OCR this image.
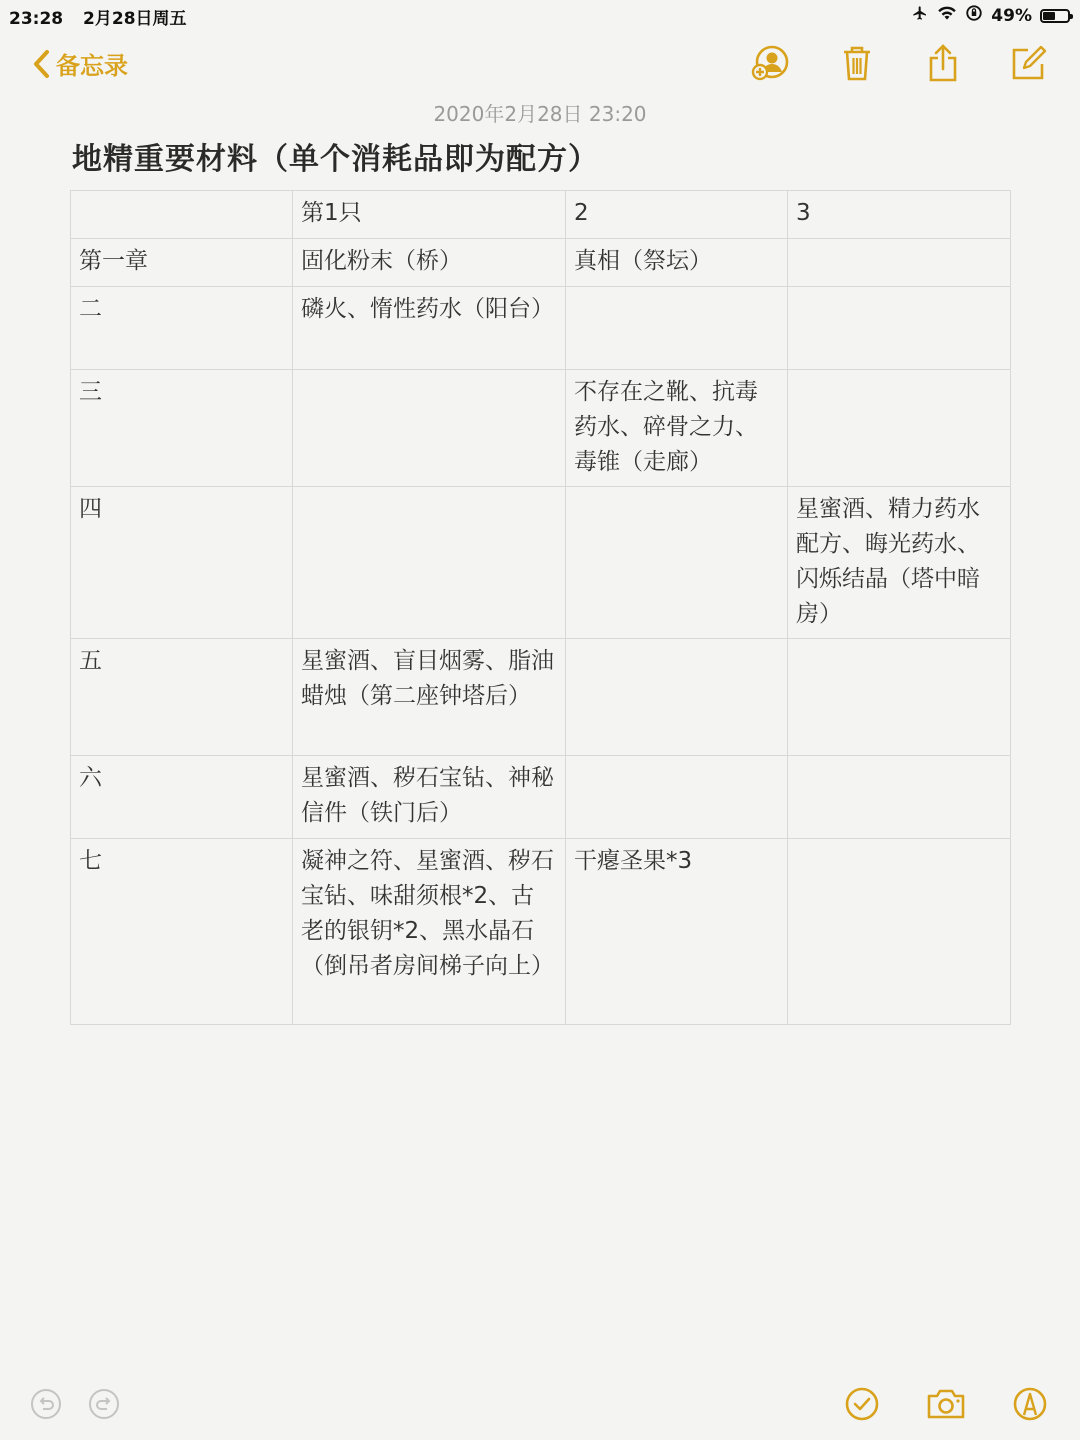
23:28 2月28日周五	49%
备忘录
2020年2月28日 23:20
地精重要材料（单个消耗品即为配方）
	第1只	2	3
第一章	固化粉末（桥）	真相（祭坛）	
二	磷火、惰性药水（阳台）		
三		不存在之靴、抗毒药水、碎骨之力、毒锥（走廊）	
四			星蜜酒、精力药水配方、晦光药水、闪烁结晶（塔中暗房）
五	星蜜酒、盲目烟雾、脂油蜡烛（第二座钟塔后）		
六	星蜜酒、秽石宝钻、神秘信件（铁门后）		
七	凝神之符、星蜜酒、秽石宝钻、味甜须根*2、古老的银钥*2、黑水晶石（倒吊者房间梯子向上）	干瘪圣果*3	
